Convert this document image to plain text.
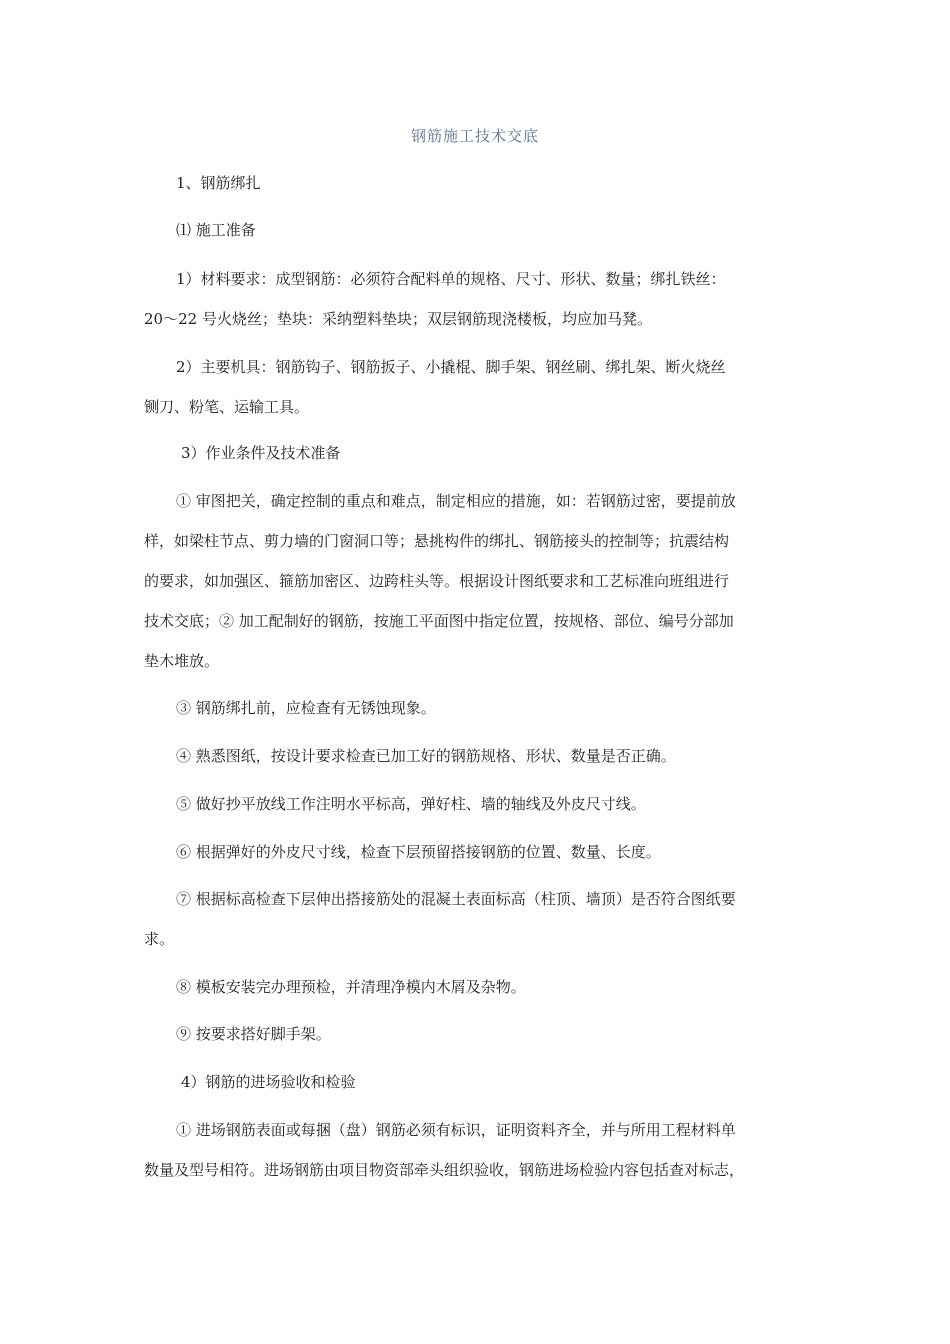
钢筋施工技术交底
1、钢筋绑扎
⑴ 施工准备
1）材料要求：成型钢筋：必须符合配料单的规格、尺寸、形状、数量；绑扎铁丝：
20～22 号火烧丝；垫块：采纳塑料垫块；双层钢筋现浇楼板，均应加马凳。
2）主要机具：钢筋钩子、钢筋扳子、小撬棍、脚手架、钢丝刷、绑扎架、断火烧丝
铡刀、粉笔、运输工具。
3）作业条件及技术准备
① 审图把关，确定控制的重点和难点，制定相应的措施，如：若钢筋过密，要提前放
样，如梁柱节点、剪力墙的门窗洞口等；悬挑构件的绑扎、钢筋接头的控制等；抗震结构
的要求，如加强区、箍筋加密区、边跨柱头等。根据设计图纸要求和工艺标准向班组进行
技术交底；② 加工配制好的钢筋，按施工平面图中指定位置，按规格、部位、编号分部加
垫木堆放。
③ 钢筋绑扎前，应检查有无锈蚀现象。
④ 熟悉图纸，按设计要求检查已加工好的钢筋规格、形状、数量是否正确。
⑤ 做好抄平放线工作注明水平标高，弹好柱、墙的轴线及外皮尺寸线。
⑥ 根据弹好的外皮尺寸线，检查下层预留搭接钢筋的位置、数量、长度。
⑦ 根据标高检查下层伸出搭接筋处的混凝土表面标高（柱顶、墙顶）是否符合图纸要
求。
⑧ 模板安装完办理预检，并清理净模内木屑及杂物。
⑨ 按要求搭好脚手架。
4）钢筋的进场验收和检验
① 进场钢筋表面或每捆（盘）钢筋必须有标识，证明资料齐全，并与所用工程材料单
数量及型号相符。进场钢筋由项目物资部牵头组织验收，钢筋进场检验内容包括查对标志，
